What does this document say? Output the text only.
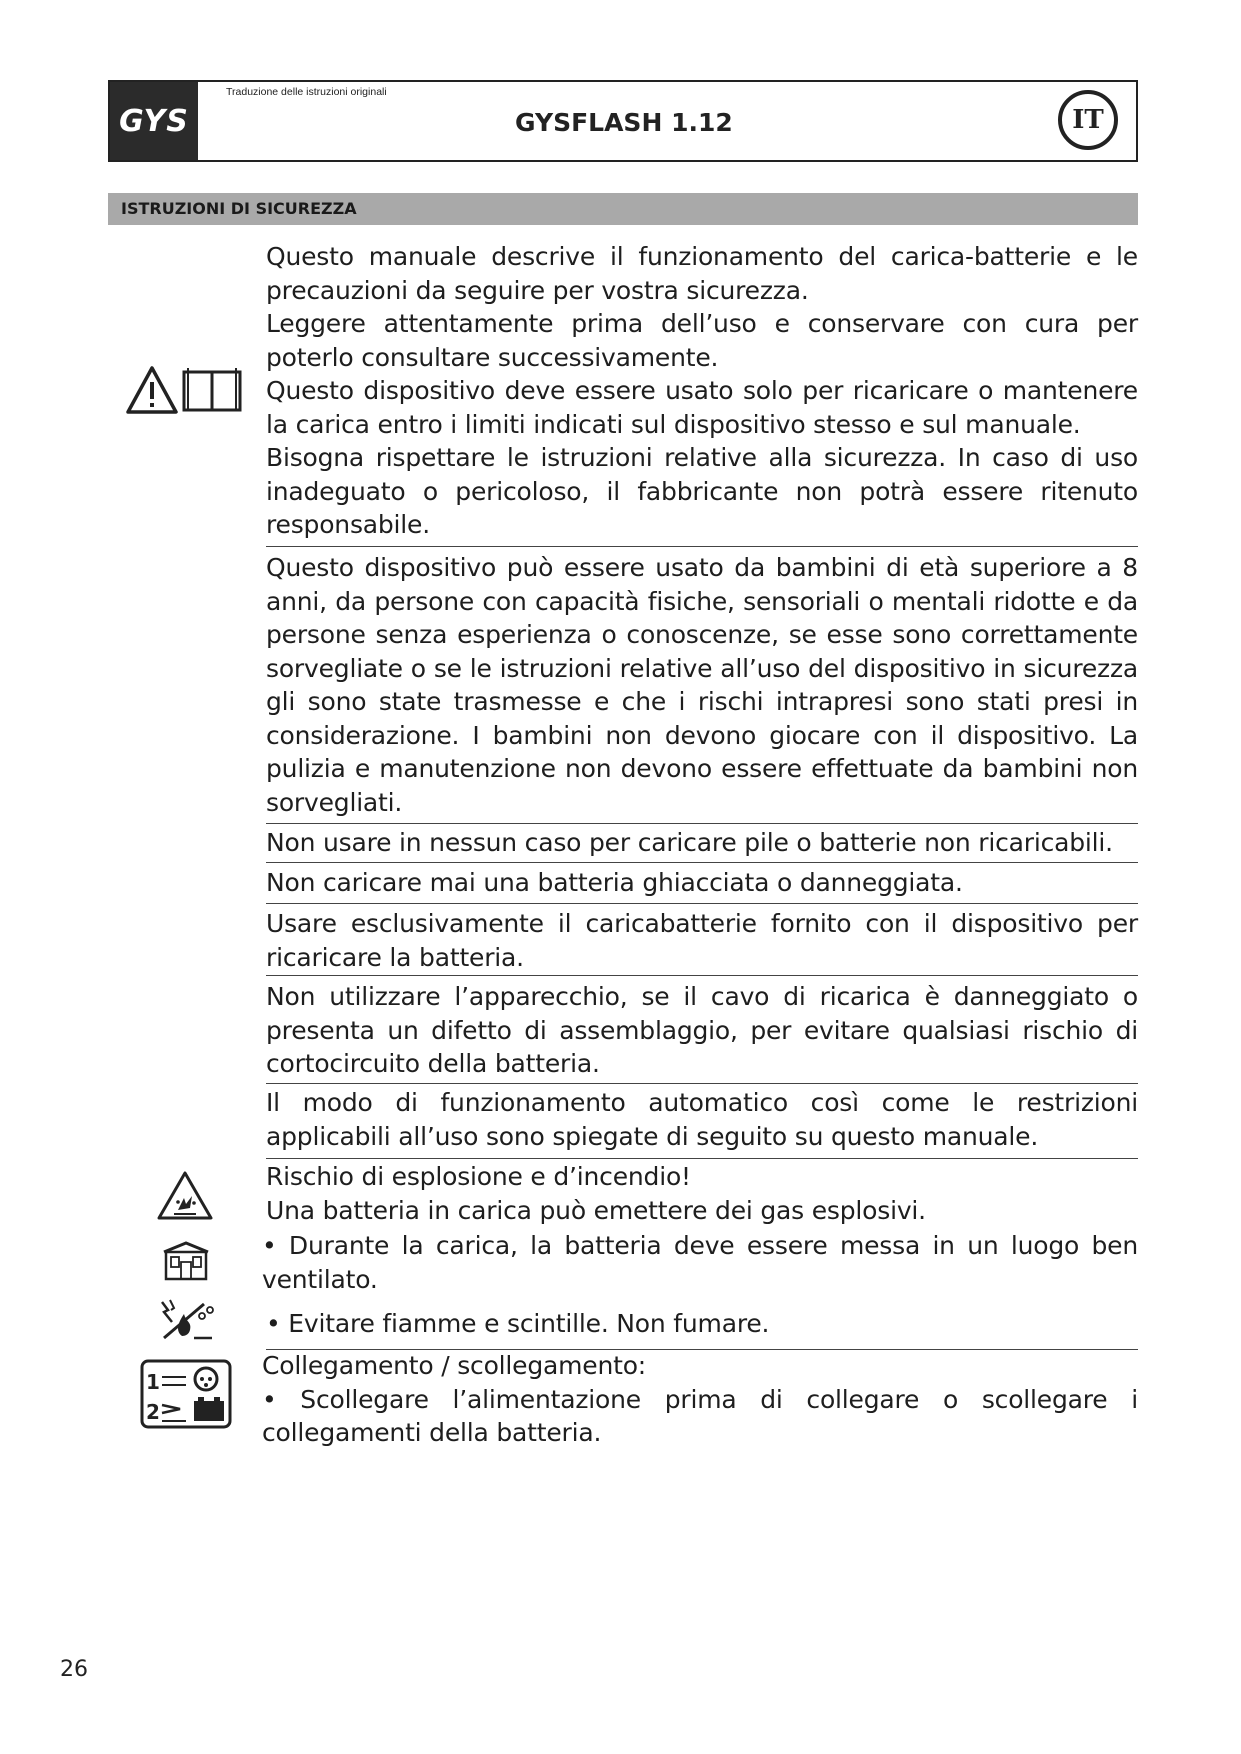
GYS
Traduzione delle istruzioni originali
GYSFLASH 1.12	IT
ISTRUZIONI DI SICUREZZA

Questo manuale descrive il funzionamento del carica-batterie e le precauzioni da seguire per vostra sicurezza.

Leggere attentamente prima dell’uso e conservare con cura per poterlo consultare successivamente.

Questo dispositivo deve essere usato solo per ricaricare o mantenere la carica entro i limiti indicati sul dispositivo stesso e sul manuale.

Bisogna rispettare le istruzioni relative alla sicurezza. In caso di uso inadeguato o pericoloso, il fabbricante non potrà essere ritenuto responsabile.

Questo dispositivo può essere usato da bambini di età superiore a 8 anni, da persone con capacità fisiche, sensoriali o mentali ridotte e da persone senza esperienza o conoscenze, se esse sono correttamente sorvegliate o se le istruzioni relative all’uso del dispositivo in sicurezza gli sono state trasmesse e che i rischi intrapresi sono stati presi in considerazione. I bambini non devono giocare con il dispositivo. La pulizia e manutenzione non devono essere effettuate da bambini non sorvegliati.

Non usare in nessun caso per caricare pile o batterie non ricaricabili.

Non caricare mai una batteria ghiacciata o danneggiata.

Usare esclusivamente il caricabatterie fornito con il dispositivo per ricaricare la batteria.

Non utilizzare l’apparecchio, se il cavo di ricarica è danneggiato o presenta un difetto di assemblaggio, per evitare qualsiasi rischio di cortocircuito della batteria.

Il modo di funzionamento automatico così come le restrizioni applicabili all’uso sono spiegate di seguito su questo manuale.

Rischio di esplosione e d’incendio!

Una batteria in carica può emettere dei gas esplosivi.

• Durante la carica, la batteria deve essere messa in un luogo ben ventilato.

• Evitare fiamme e scintille. Non fumare.

1
2

Collegamento / scollegamento:

• Scollegare l’alimentazione prima di collegare o scollegare i collegamenti della batteria.

26
